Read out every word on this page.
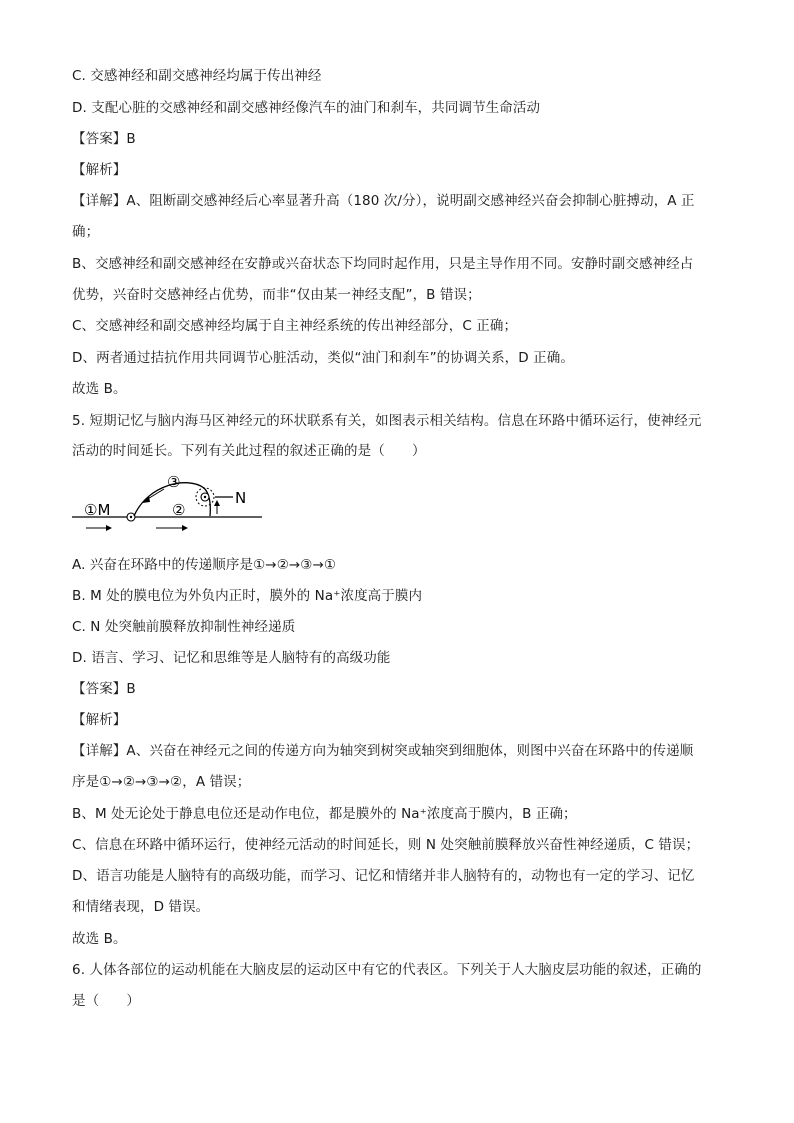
C. 交感神经和副交感神经均属于传出神经
D. 支配心脏的交感神经和副交感神经像汽车的油门和刹车，共同调节生命活动
【答案】B
【解析】
【详解】A、阻断副交感神经后心率显著升高（180 次/分），说明副交感神经兴奋会抑制心脏搏动，A 正
确；
B、交感神经和副交感神经在安静或兴奋状态下均同时起作用，只是主导作用不同。安静时副交感神经占
优势，兴奋时交感神经占优势，而非“仅由某一神经支配”，B 错误；
C、交感神经和副交感神经均属于自主神经系统的传出神经部分，C 正确；
D、两者通过拮抗作用共同调节心脏活动，类似“油门和刹车”的协调关系，D 正确。
故选 B。
5. 短期记忆与脑内海马区神经元的环状联系有关，如图表示相关结构。信息在环路中循环运行，使神经元
活动的时间延长。下列有关此过程的叙述正确的是（　　）
①M	②
③
N
A. 兴奋在环路中的传递顺序是①→②→③→①
B. M 处的膜电位为外负内正时，膜外的 Na⁺浓度高于膜内
C. N 处突触前膜释放抑制性神经递质
D. 语言、学习、记忆和思维等是人脑特有的高级功能
【答案】B
【解析】
【详解】A、兴奋在神经元之间的传递方向为轴突到树突或轴突到细胞体，则图中兴奋在环路中的传递顺
序是①→②→③→②，A 错误；
B、M 处无论处于静息电位还是动作电位，都是膜外的 Na⁺浓度高于膜内，B 正确；
C、信息在环路中循环运行，使神经元活动的时间延长，则 N 处突触前膜释放兴奋性神经递质，C 错误；
D、语言功能是人脑特有的高级功能，而学习、记忆和情绪并非人脑特有的，动物也有一定的学习、记忆
和情绪表现，D 错误。
故选 B。
6. 人体各部位的运动机能在大脑皮层的运动区中有它的代表区。下列关于人大脑皮层功能的叙述，正确的
是（　　）
